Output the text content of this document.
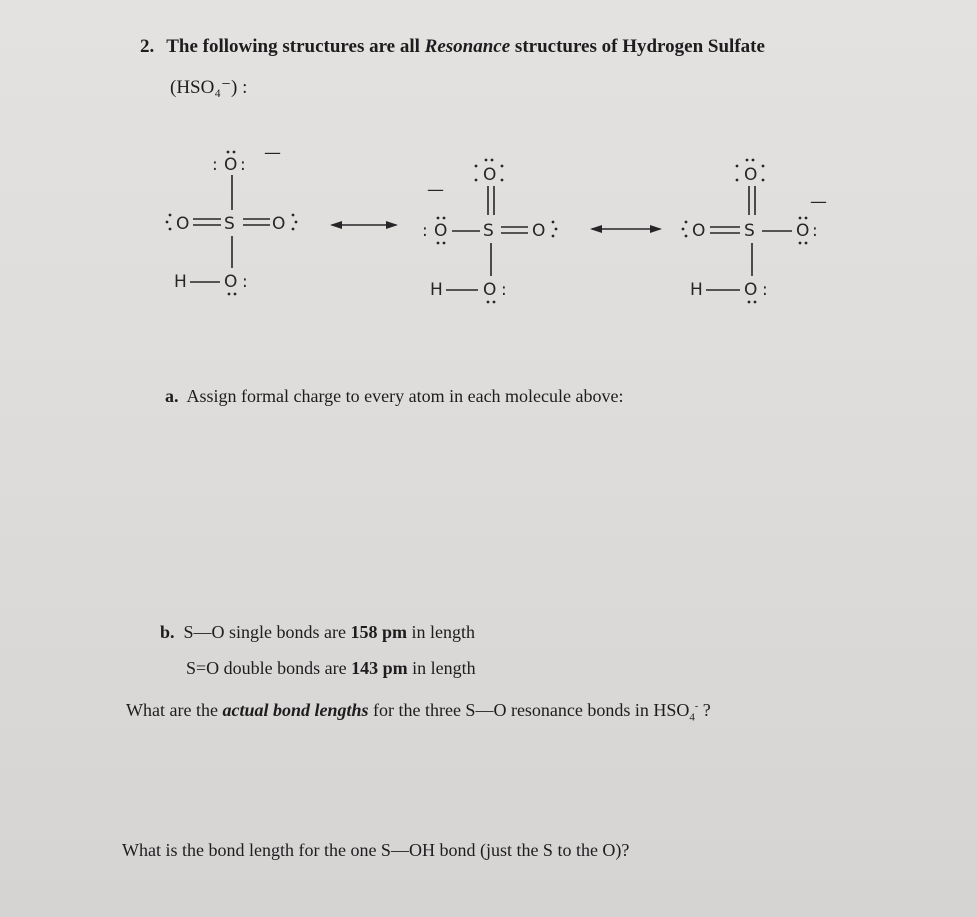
2. The following structures are all Resonance structures of Hydrogen Sulfate
(HSO₄⁻) :
O
: :
—
O S O
H O :
O
—
O
:	S O
H O :
O
O S O :
—
H O :
a. Assign formal charge to every atom in each molecule above:
b. S—O single bonds are 158 pm in length
S=O double bonds are 143 pm in length
What are the actual bond lengths for the three S—O resonance bonds in $HSO_4^-$ ?
What is the bond length for the one S—OH bond (just the S to the O)?
